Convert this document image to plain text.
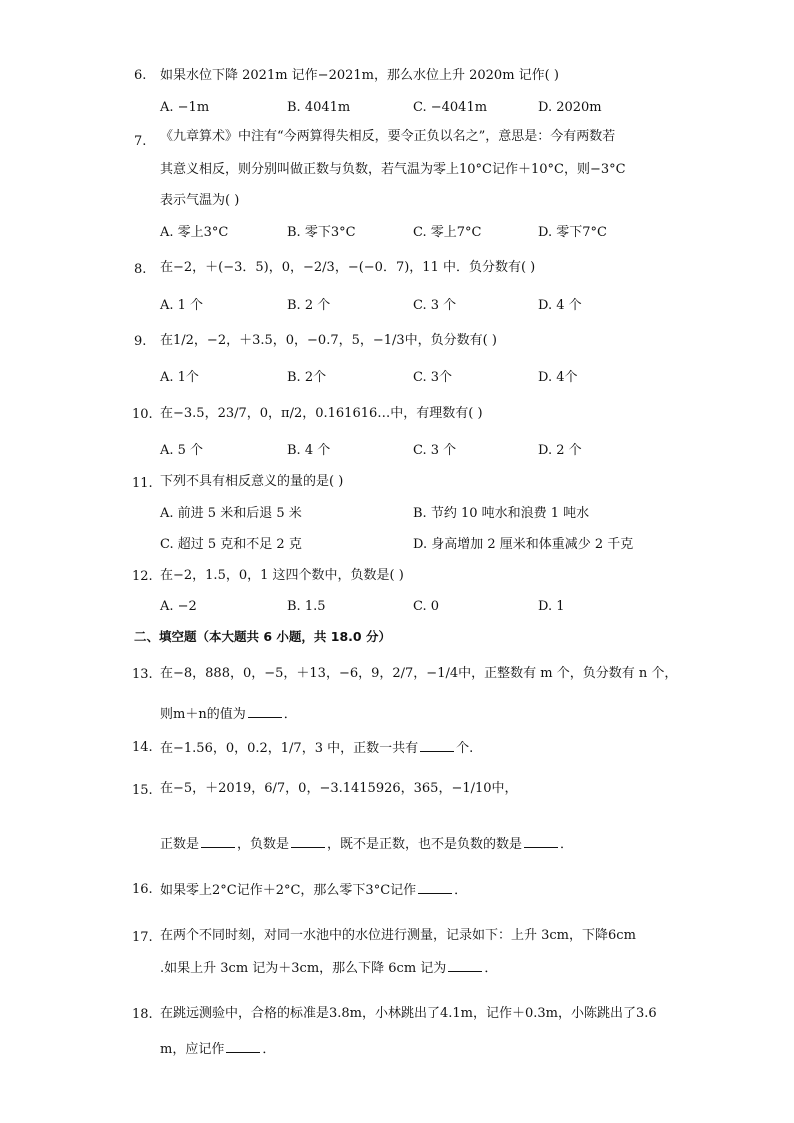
6. 如果水位下降 2021m 记作−2021m，那么水位上升 2020m 记作( )
A. −1m	B. 4041m	C. −4041m	D. 2020m
7. 《九章算术》中注有“今两算得失相反，要令正负以名之”，意思是：今有两数若
其意义相反，则分别叫做正数与负数，若气温为零上10°C记作＋10°C，则−3°C
表示气温为( )
A. 零上3°C	B. 零下3°C	C. 零上7°C	D. 零下7°C
8. 在−2，＋(−3．5)，0，−2/3，−(−0．7)，11 中．负分数有( )
A. 1 个	B. 2 个	C. 3 个	D. 4 个
9. 在1/2，−2，＋3.5，0，−0.7，5，−1/3中，负分数有( )
A. 1个	B. 2个	C. 3个	D. 4个
10. 在−3.5，23/7，0，π/2，0.161616…中，有理数有( )
A. 5 个	B. 4 个	C. 3 个	D. 2 个
11. 下列不具有相反意义的量的是( )
A. 前进 5 米和后退 5 米	B. 节约 10 吨水和浪费 1 吨水
C. 超过 5 克和不足 2 克	D. 身高增加 2 厘米和体重减少 2 千克
12. 在−2，1.5，0，1 这四个数中，负数是( )
A. −2	B. 1.5	C. 0	D. 1
二、填空题（本大题共 6 小题，共 18.0 分）
13. 在−8，888，0，−5，＋13，−6，9，2/7，−1/4中，正整数有 m 个，负分数有 n 个，
则m＋n的值为	．
14. 在−1.56，0，0.2，1/7，3 中，正数一共有	个.
15. 在−5，＋2019，6/7，0，−3.1415926，365，−1/10中，
正数是	，负数是	，既不是正数，也不是负数的数是	．
16. 如果零上2°C记作＋2°C，那么零下3°C记作	．
17. 在两个不同时刻，对同一水池中的水位进行测量，记录如下：上升 3cm，下降6cm
.如果上升 3cm 记为＋3cm，那么下降 6cm 记为	．
18. 在跳远测验中，合格的标准是3.8m，小林跳出了4.1m，记作＋0.3m，小陈跳出了3.6
m，应记作	．
